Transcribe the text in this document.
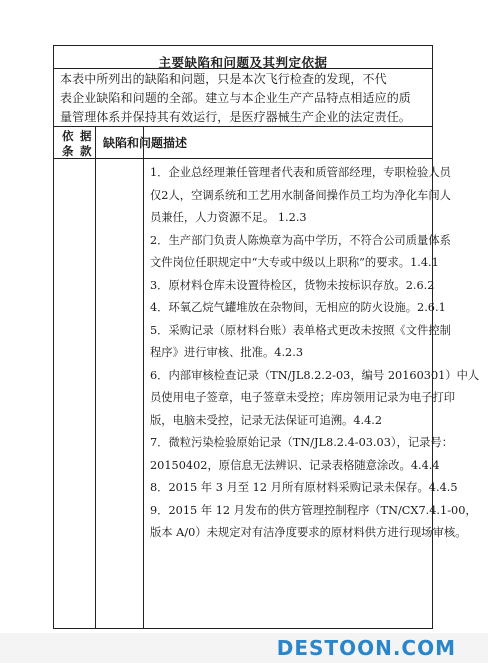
主要缺陷和问题及其判定依据
本表中所列出的缺陷和问题，只是本次飞行检查的发现，不代
表企业缺陷和问题的全部。建立与本企业生产产品特点相适应的质
量管理体系并保持其有效运行，是医疗器械生产企业的法定责任。
依 据
条 款
缺陷和问题描述
1．企业总经理兼任管理者代表和质管部经理，专职检验人员
仅2人，空调系统和工艺用水制备间操作员工均为净化车间人
员兼任，人力资源不足。 1.2.3
2．生产部门负责人陈焕章为高中学历，不符合公司质量体系
文件岗位任职规定中“大专或中级以上职称”的要求。1.4.1
3．原材料仓库未设置待检区，货物未按标识存放。2.6.2
4．环氧乙烷气罐堆放在杂物间，无相应的防火设施。2.6.1
5．采购记录（原材料台账）表单格式更改未按照《文件控制
程序》进行审核、批准。4.2.3
6．内部审核检查记录（TN/JL8.2.2-03，编号 20160301）中人
员使用电子签章，电子签章未受控；库房领用记录为电子打印
版，电脑未受控，记录无法保证可追溯。4.4.2
7．微粒污染检验原始记录（TN/JL8.2.4-03.03），记录号：
20150402，原信息无法辨识、记录表格随意涂改。4.4.4
8．2015 年 3 月至 12 月所有原材料采购记录未保存。4.4.5
9．2015 年 12 月发布的供方管理控制程序（TN/CX7.4.1-00，
版本 A/0）未规定对有洁净度要求的原材料供方进行现场审核。
DESTOON.COM
